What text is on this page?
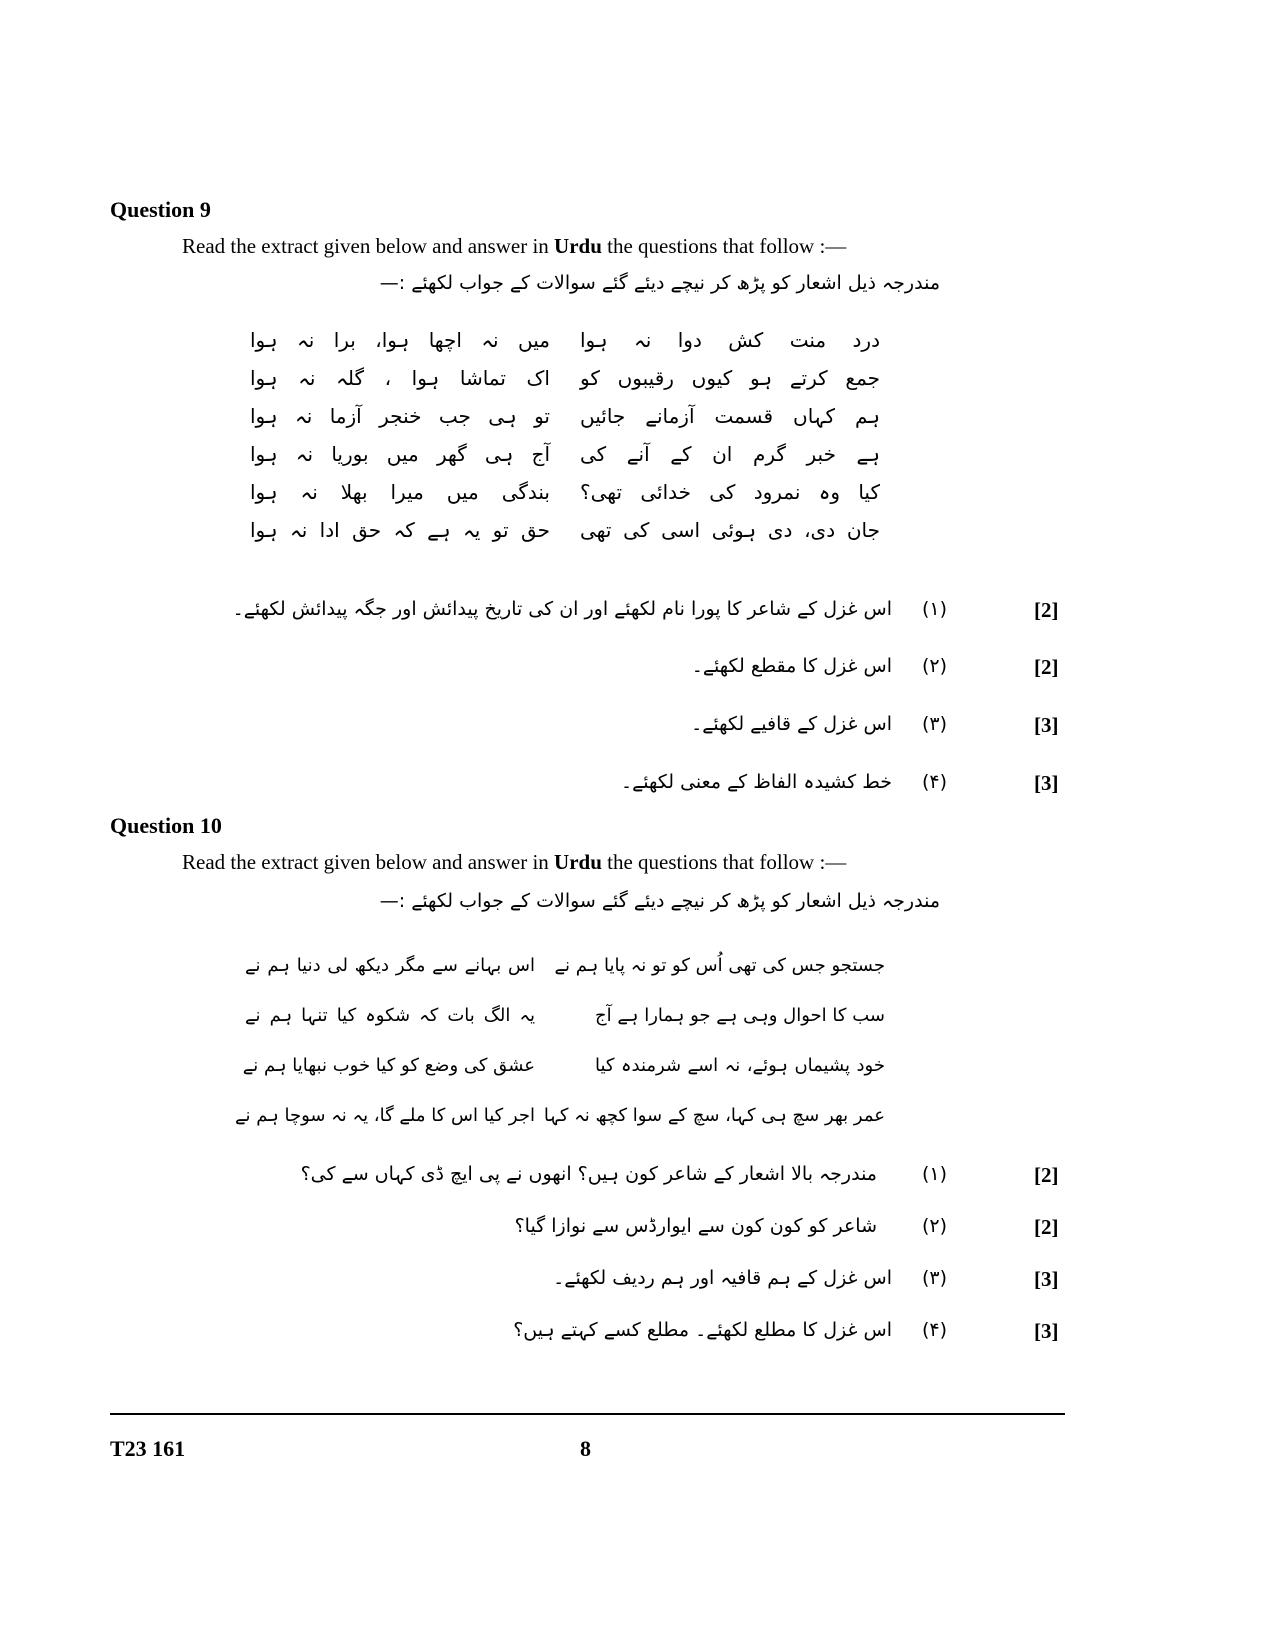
Question 9
Read the extract given below and answer in Urdu the questions that follow :—
مندرجہ ذیل اشعار کو پڑھ کر نیچے دیئے گئے سوالات کے جواب لکھئے :—
درد منت کش دوا نہ ہوا
میں نہ اچھا ہوا، برا نہ ہوا
جمع کرتے ہو کیوں رقیبوں کو
اک تماشا ہوا ، گلہ نہ ہوا
ہم کہاں قسمت آزمانے جائیں
تو ہی جب خنجر آزما نہ ہوا
ہے خبر گرم ان کے آنے کی
آج ہی گھر میں بوریا نہ ہوا
کیا وہ نمرود کی خدائی تھی؟
بندگی میں میرا بھلا نہ ہوا
جان دی، دی ہوئی اسی کی تھی
حق تو یہ ہے کہ حق ادا نہ ہوا
(۱)
اس غزل کے شاعر کا پورا نام لکھئے اور ان کی تاریخ پیدائش اور جگہ پیدائش لکھئے۔	[2]
(۲)
اس غزل کا مقطع لکھئے۔	[2]
(۳)
اس غزل کے قافیے لکھئے۔	[3]
(۴)
خط کشیدہ الفاظ کے معنی لکھئے۔	[3]
Question 10
Read the extract given below and answer in Urdu the questions that follow :—
مندرجہ ذیل اشعار کو پڑھ کر نیچے دیئے گئے سوالات کے جواب لکھئے :—
جستجو جس کی تھی اُس کو تو نہ پایا ہم نے
اس بہانے سے مگر دیکھ لی دنیا ہم نے
سب کا احوال وہی ہے جو ہمارا ہے آج
یہ الگ بات کہ شکوہ کیا تنہا ہم نے
خود پشیماں ہوئے، نہ اسے شرمندہ کیا
عشق کی وضع کو کیا خوب نبھایا ہم نے
عمر بھر سچ ہی کہا، سچ کے سوا کچھ نہ کہا
اجر کیا اس کا ملے گا، یہ نہ سوچا ہم نے
(۱)
مندرجہ بالا اشعار کے شاعر کون ہیں؟ انھوں نے پی ایچ ڈی کہاں سے کی؟	[2]
(۲)
شاعر کو کون کون سے ایوارڈس سے نوازا گیا؟	[2]
(۳)
اس غزل کے ہم قافیہ اور ہم ردیف لکھئے۔	[3]
(۴)
اس غزل کا مطلع لکھئے۔ مطلع کسے کہتے ہیں؟	[3]
T23 161	8
